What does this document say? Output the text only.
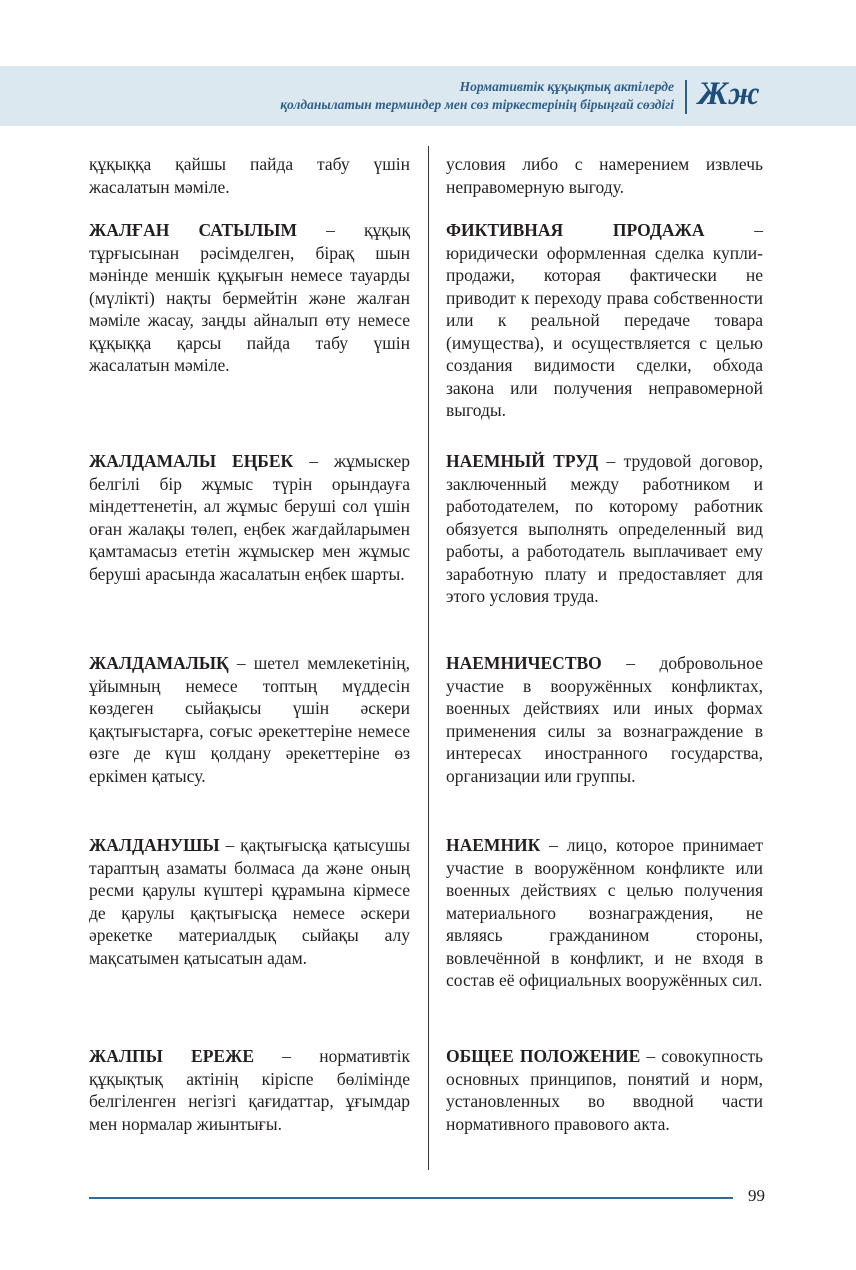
Нормативтік құқықтық актілерде
қолданылатын терминдер мен сөз тіркестерінің бірыңғай сөздігі Жж
құқыққа қайшы пайда табу үшін жасалатын мәміле.
условия либо с намерением извлечь неправомерную выгоду.
ЖАЛҒАН САТЫЛЫМ – құқық тұрғысынан рәсімделген, бірақ шын мәнінде меншік құқығын немесе тауарды (мүлікті) нақты бермейтін және жалған мәміле жасау, заңды айналып өту немесе құқыққа қарсы пайда табу үшін жасалатын мәміле.
ФИКТИВНАЯ ПРОДАЖА – юридически оформленная сделка купли-продажи, которая фактически не приводит к переходу права собственности или к реальной передаче товара (имущества), и осуществляется с целью создания видимости сделки, обхода закона или получения неправомерной выгоды.
ЖАЛДАМАЛЫ ЕҢБЕК – жұмыскер белгілі бір жұмыс түрін орындауға міндеттенетін, ал жұмыс беруші сол үшін оған жалақы төлеп, еңбек жағдайларымен қамтамасыз ететін жұмыскер мен жұмыс беруші арасында жасалатын еңбек шарты.
НАЕМНЫЙ ТРУД – трудовой договор, заключенный между работником и работодателем, по которому работник обязуется выполнять определенный вид работы, а работодатель выплачивает ему заработную плату и предоставляет для этого условия труда.
ЖАЛДАМАЛЫҚ – шетел мемлекетінің, ұйымның немесе топтың мүддесін көздеген сыйақысы үшін әскери қақтығыстарға, соғыс әрекеттеріне немесе өзге де күш қолдану әрекеттеріне өз еркімен қатысу.
НАЕМНИЧЕСТВО – добровольное участие в вооружённых конфликтах, военных действиях или иных формах применения силы за вознаграждение в интересах иностранного государства, организации или группы.
ЖАЛДАНУШЫ – қақтығысқа қатысушы тараптың азаматы болмаса да және оның ресми қарулы күштері құрамына кірмесе де қарулы қақтығысқа немесе әскери әрекетке материалдық сыйақы алу мақсатымен қатысатын адам.
НАЕМНИК – лицо, которое принимает участие в вооружённом конфликте или военных действиях с целью получения материального вознаграждения, не являясь гражданином стороны, вовлечённой в конфликт, и не входя в состав её официальных вооружённых сил.
ЖАЛПЫ ЕРЕЖЕ – нормативтік құқықтық актінің кіріспе бөлімінде белгіленген негізгі қағидаттар, ұғымдар мен нормалар жиынтығы.
ОБЩЕЕ ПОЛОЖЕНИЕ – совокупность основных принципов, понятий и норм, установленных во вводной части нормативного правового акта.
99
